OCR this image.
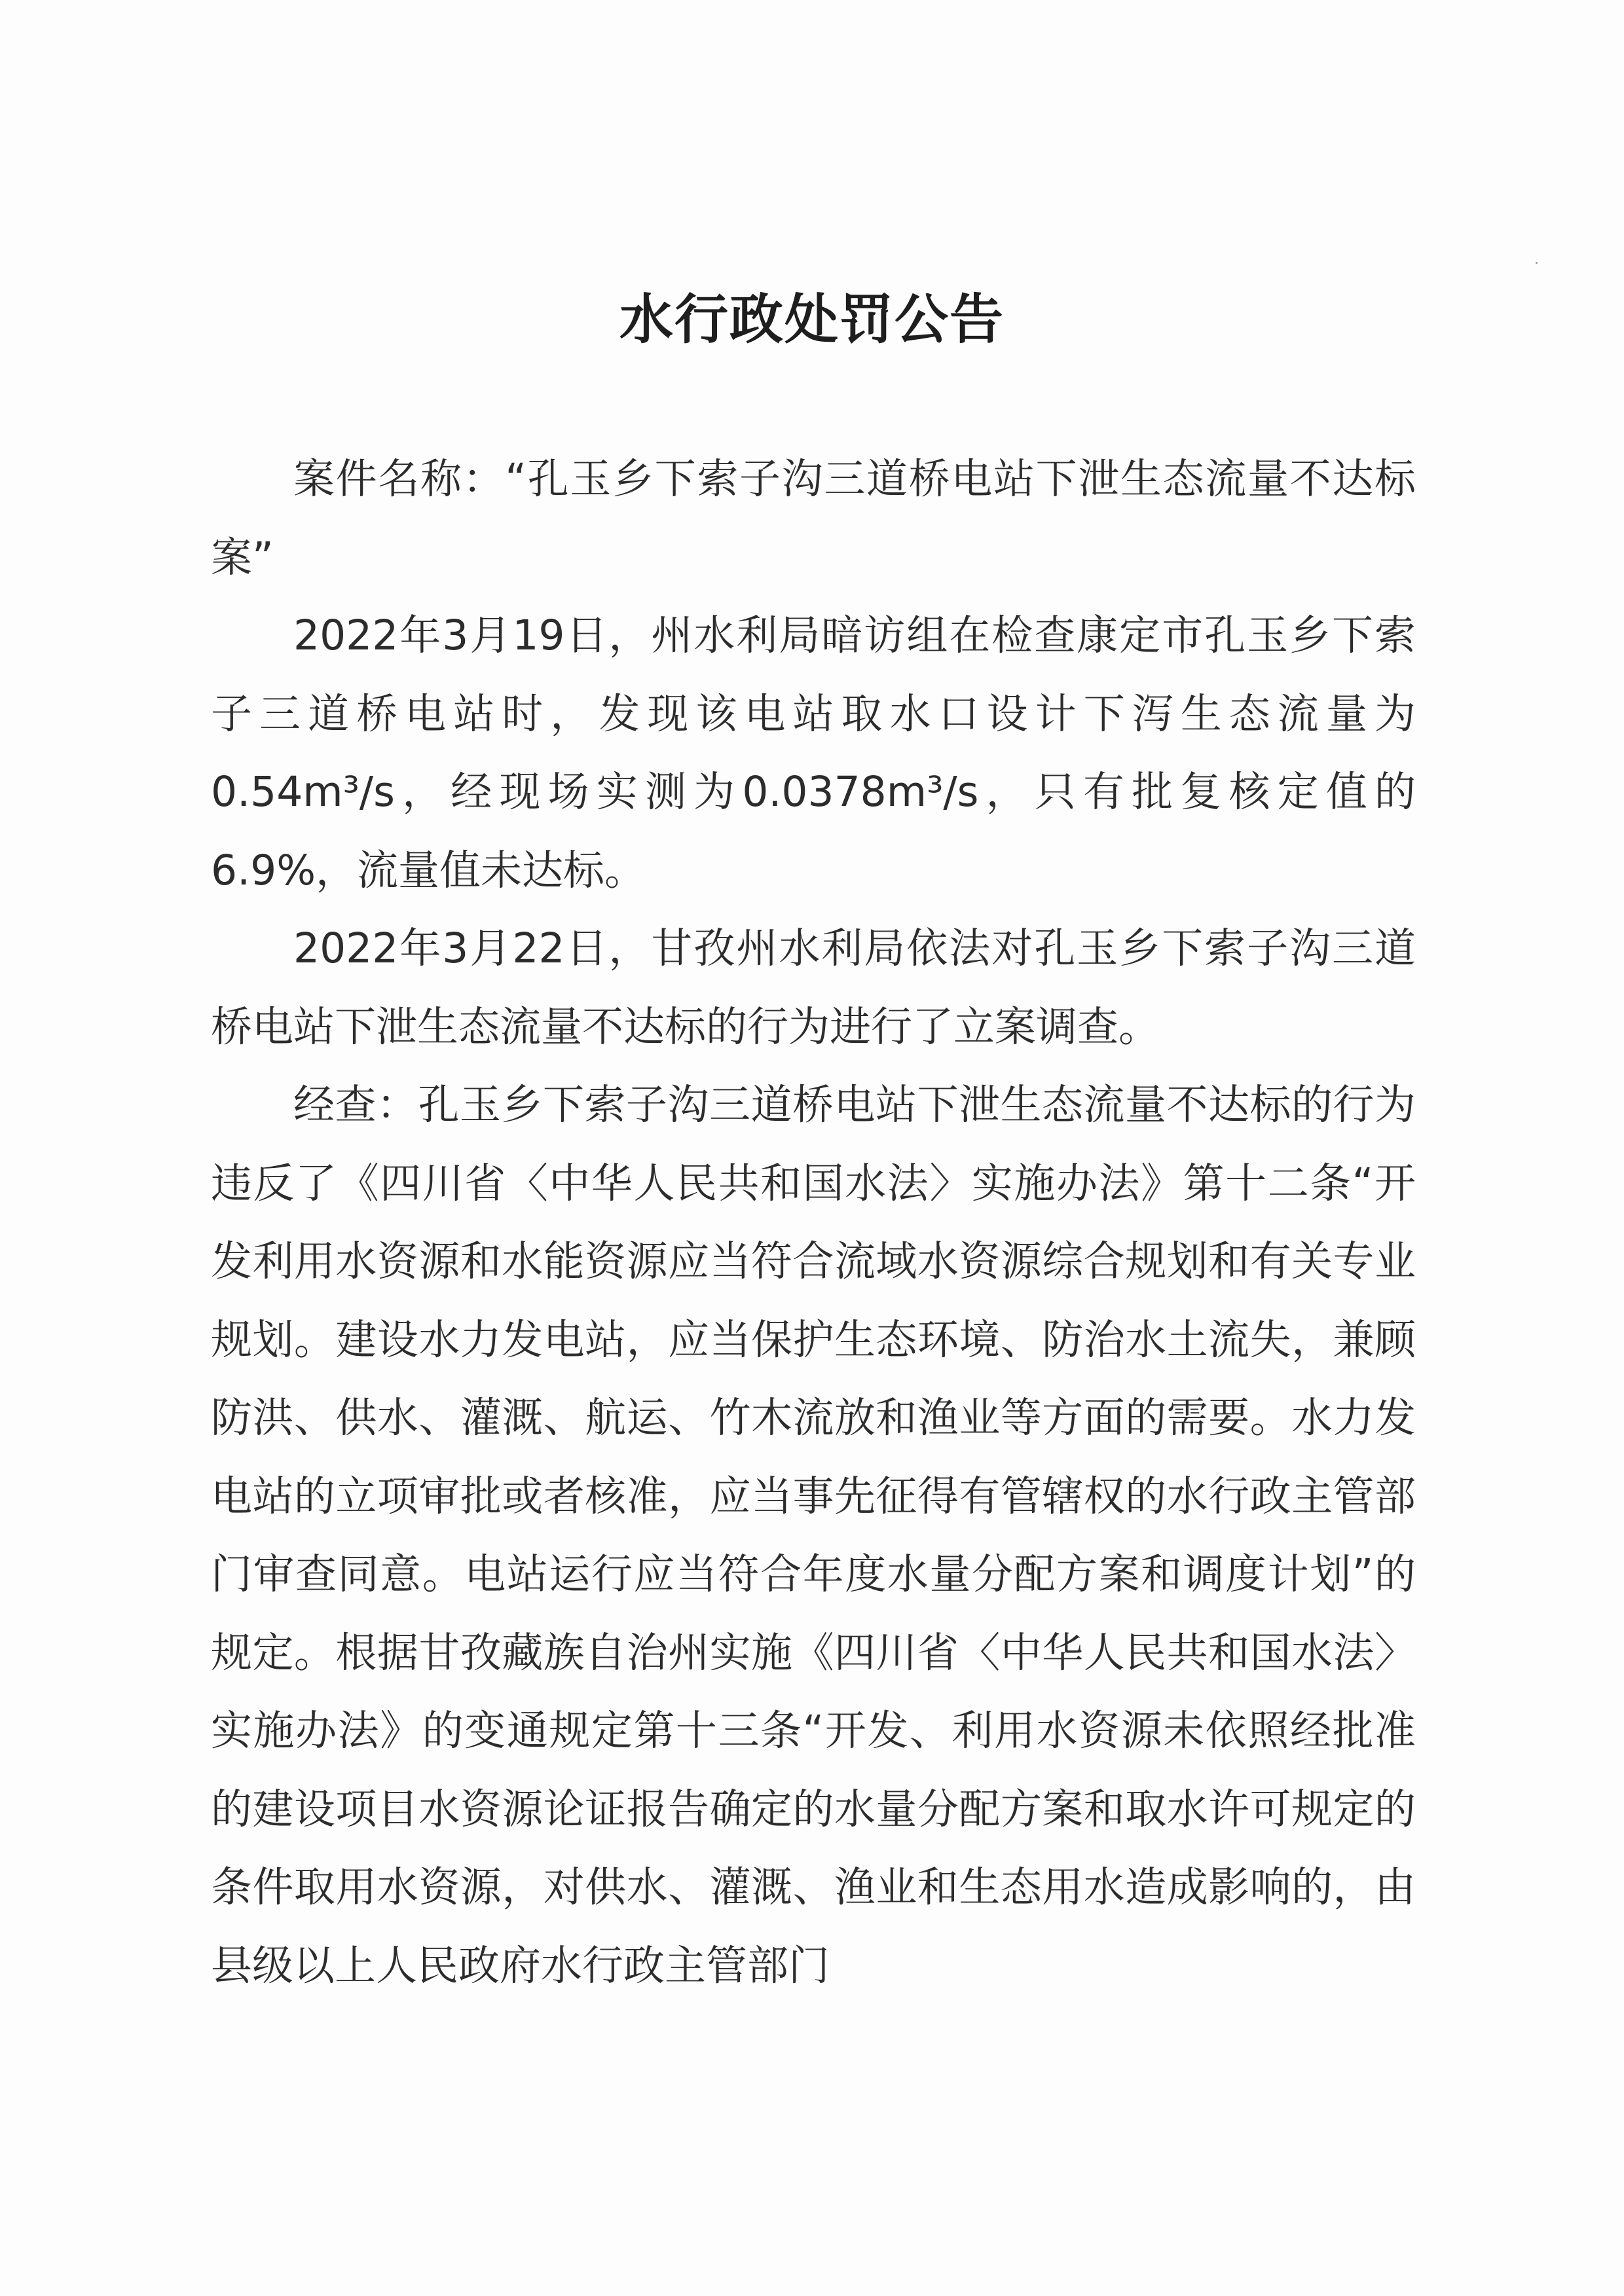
水行政处罚公告

案件名称：“孔玉乡下索子沟三道桥电站下泄生态流量不达标案”

2022年3月19日，州水利局暗访组在检查康定市孔玉乡下索子三道桥电站时，发现该电站取水口设计下泻生态流量为0.54m³/s，经现场实测为0.0378m³/s，只有批复核定值的6.9%，流量值未达标。

2022年3月22日，甘孜州水利局依法对孔玉乡下索子沟三道桥电站下泄生态流量不达标的行为进行了立案调查。

经查：孔玉乡下索子沟三道桥电站下泄生态流量不达标的行为违反了《四川省〈中华人民共和国水法〉实施办法》第十二条“开发利用水资源和水能资源应当符合流域水资源综合规划和有关专业规划。建设水力发电站，应当保护生态环境、防治水土流失，兼顾防洪、供水、灌溉、航运、竹木流放和渔业等方面的需要。水力发电站的立项审批或者核准，应当事先征得有管辖权的水行政主管部门审查同意。电站运行应当符合年度水量分配方案和调度计划”的规定。根据甘孜藏族自治州实施《四川省〈中华人民共和国水法〉实施办法》的变通规定第十三条“开发、利用水资源未依照经批准的建设项目水资源论证报告确定的水量分配方案和取水许可规定的条件取用水资源，对供水、灌溉、渔业和生态用水造成影响的，由县级以上人民政府水行政主管部门
